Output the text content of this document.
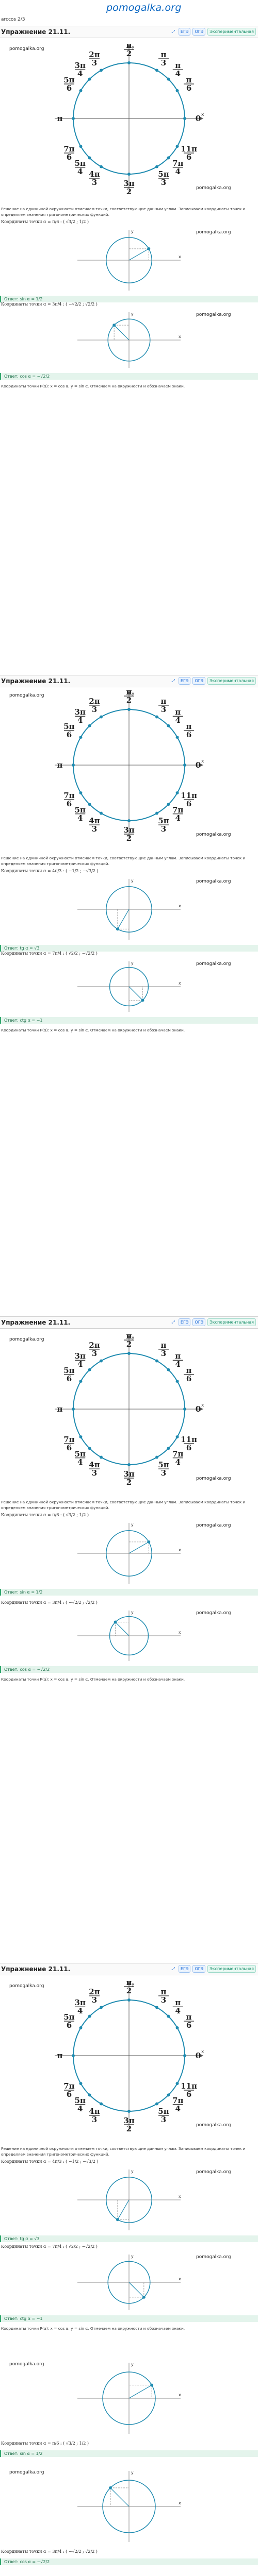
pomogalka.org
arccos 2/3
Упражнение 21.11.	⤢	ЕГЭ	ОГЭ	Экспериментальная
x
y
0
π
6
π
4
π
3
π
2
2π
3
3π
4
5π
6
π
7π
6
5π
4 4π
3	3π
2
5π
3
7π
4
11π
6
pomogalka.org
pomogalka.org
Решение на единичной окружности отмечаем точки, соответствующие данным углам. Записываем координаты точек и определяем значения тригонометрических функций.
Координаты точки α = π/6 : ( √3/2 ; 1/2 )
x
y	pomogalka.org
Ответ: sin α = 1/2
Координаты точки α = 3π/4 : ( −√2/2 ; √2/2 )
x
y	pomogalka.org
Ответ: cos α = −√2/2
Координаты точки P(α): x = cos α, y = sin α. Отмечаем на окружности и обозначаем знаки.
Упражнение 21.11.	⤢	ЕГЭ	ОГЭ	Экспериментальная
x
y
0
π
6
π
4
π
3
π
2
2π
3
3π
4
5π
6
π
7π
6
5π
4 4π
3	3π
2
5π
3
7π
4
11π
6
pomogalka.org
pomogalka.org
Решение на единичной окружности отмечаем точки, соответствующие данным углам. Записываем координаты точек и определяем значения тригонометрических функций.
Координаты точки α = 4π/3 : ( −1/2 ; −√3/2 )
x
y	pomogalka.org
Ответ: tg α = √3
Координаты точки α = 7π/4 : ( √2/2 ; −√2/2 )
x
y	pomogalka.org
Ответ: ctg α = −1
Координаты точки P(α): x = cos α, y = sin α. Отмечаем на окружности и обозначаем знаки.
Упражнение 21.11.	⤢	ЕГЭ	ОГЭ	Экспериментальная
x
y
0
π
6
π
4
π
3
π
2
2π
3
3π
4
5π
6
π
7π
6
5π
4 4π
3	3π
2
5π
3
7π
4
11π
6
pomogalka.org
pomogalka.org
Решение на единичной окружности отмечаем точки, соответствующие данным углам. Записываем координаты точек и определяем значения тригонометрических функций.
Координаты точки α = π/6 : ( √3/2 ; 1/2 )
x
y	pomogalka.org
Ответ: sin α = 1/2
Координаты точки α = 3π/4 : ( −√2/2 ; √2/2 )
x
y	pomogalka.org
Ответ: cos α = −√2/2
Координаты точки P(α): x = cos α, y = sin α. Отмечаем на окружности и обозначаем знаки.
Упражнение 21.11.	⤢	ЕГЭ	ОГЭ	Экспериментальная
x
y
0
π
6
π
4
π
3
π
2
2π
3
3π
4
5π
6
π
7π
6
5π
4 4π
3	3π
2
5π
3
7π
4
11π
6
pomogalka.org
pomogalka.org
Решение на единичной окружности отмечаем точки, соответствующие данным углам. Записываем координаты точек и определяем значения тригонометрических функций.
Координаты точки α = 4π/3 : ( −1/2 ; −√3/2 )
x
y	pomogalka.org
Ответ: tg α = √3
Координаты точки α = 7π/4 : ( √2/2 ; −√2/2 )
x
y	pomogalka.org
Ответ: ctg α = −1
Координаты точки P(α): x = cos α, y = sin α. Отмечаем на окружности и обозначаем знаки.
x
y
Координаты точки α = π/6 : ( √3/2 ; 1/2 )
pomogalka.org
Ответ: sin α = 1/2
x
y
Координаты точки α = 3π/4 : ( −√2/2 ; √2/2 )
pomogalka.org
Ответ: cos α = −√2/2
